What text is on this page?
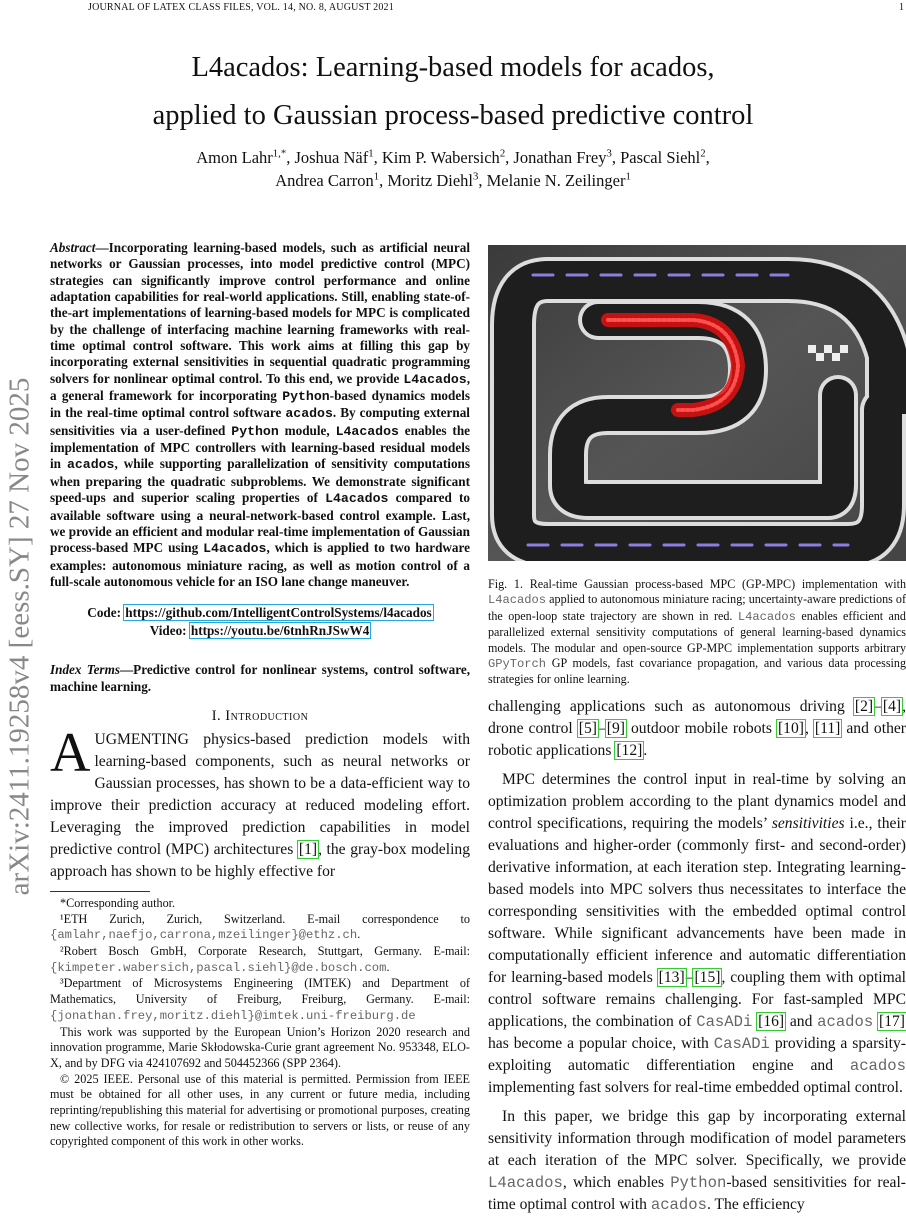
JOURNAL OF LATEX CLASS FILES, VOL. 14, NO. 8, AUGUST 2021	1
arXiv:2411.19258v4 [eess.SY] 27 Nov 2025
L4acados: Learning-based models for acados,
applied to Gaussian process-based predictive control
Amon Lahr$^{1,*}$, Joshua Näf$^1$, Kim P. Wabersich$^2$, Jonathan Frey$^3$, Pascal Siehl$^2$,
Andrea Carron$^1$, Moritz Diehl$^3$, Melanie N. Zeilinger$^1$
Abstract—Incorporating learning-based models, such as artificial neural networks or Gaussian processes, into model predictive control (MPC) strategies can significantly improve control performance and online adaptation capabilities for real-world applications. Still, enabling state-of-the-art implementations of learning-based models for MPC is complicated by the challenge of interfacing machine learning frameworks with real-time optimal control software. This work aims at filling this gap by incorporating external sensitivities in sequential quadratic programming solvers for nonlinear optimal control. To this end, we provide L4acados, a general framework for incorporating Python-based dynamics models in the real-time optimal control software acados. By computing external sensitivities via a user-defined Python module, L4acados enables the implementation of MPC controllers with learning-based residual models in acados, while supporting parallelization of sensitivity computations when preparing the quadratic subproblems. We demonstrate significant speed-ups and superior scaling properties of L4acados compared to available software using a neural-network-based control example. Last, we provide an efficient and modular real-time implementation of Gaussian process-based MPC using L4acados, which is applied to two hardware examples: autonomous miniature racing, as well as motion control of a full-scale autonomous vehicle for an ISO lane change maneuver.
Code: https://github.com/IntelligentControlSystems/l4acados
Video: https://youtu.be/6tnhRnJSwW4
Index Terms—Predictive control for nonlinear systems, control software, machine learning.
I. Introduction
AUGMENTING physics-based prediction models with learning-based components, such as neural networks or Gaussian processes, has shown to be a data-efficient way to improve their prediction accuracy at reduced modeling effort. Leveraging the improved prediction capabilities in model predictive control (MPC) architectures [1], the gray-box modeling approach has shown to be highly effective for

*Corresponding author.

¹ETH Zurich, Zurich, Switzerland. E-mail correspondence to {amlahr,naefjo,carrona,mzeilinger}@ethz.ch.

²Robert Bosch GmbH, Corporate Research, Stuttgart, Germany. E-mail: {kimpeter.wabersich,pascal.siehl}@de.bosch.com.

³Department of Microsystems Engineering (IMTEK) and Department of Mathematics, University of Freiburg, Freiburg, Germany. E-mail: {jonathan.frey,moritz.diehl}@imtek.uni-freiburg.de

This work was supported by the European Union’s Horizon 2020 research and innovation programme, Marie Skłodowska-Curie grant agreement No. 953348, ELO-X, and by DFG via 424107692 and 504452366 (SPP 2364).

© 2025 IEEE. Personal use of this material is permitted. Permission from IEEE must be obtained for all other uses, in any current or future media, including reprinting/republishing this material for advertising or promotional purposes, creating new collective works, for resale or redistribution to servers or lists, or reuse of any copyrighted component of this work in other works.

Fig. 1. Real-time Gaussian process-based MPC (GP-MPC) implementation with L4acados applied to autonomous miniature racing; uncertainty-aware predictions of the open-loop state trajectory are shown in red. L4acados enables efficient and parallelized external sensitivity computations of general learning-based dynamics models. The modular and open-source GP-MPC implementation supports arbitrary GPyTorch GP models, fast covariance propagation, and various data processing strategies for online learning.

challenging applications such as autonomous driving [2]–[4], drone control [5]–[9] outdoor mobile robots [10], [11] and other robotic applications [12].

MPC determines the control input in real-time by solving an optimization problem according to the plant dynamics model and control specifications, requiring the models’ sensitivities i.e., their evaluations and higher-order (commonly first- and second-order) derivative information, at each iteration step. Integrating learning-based models into MPC solvers thus necessitates to interface the corresponding sensitivities with the embedded optimal control software. While significant advancements have been made in computationally efficient inference and automatic differentiation for learning-based models [13]–[15], coupling them with optimal control software remains challenging. For fast-sampled MPC applications, the combination of CasADi [16] and acados [17] has become a popular choice, with CasADi providing a sparsity-exploiting automatic differentiation engine and acados implementing fast solvers for real-time embedded optimal control.

In this paper, we bridge this gap by incorporating external sensitivity information through modification of model parameters at each iteration of the MPC solver. Specifically, we provide L4acados, which enables Python-based sensitivities for real-time optimal control with acados. The efficiency
